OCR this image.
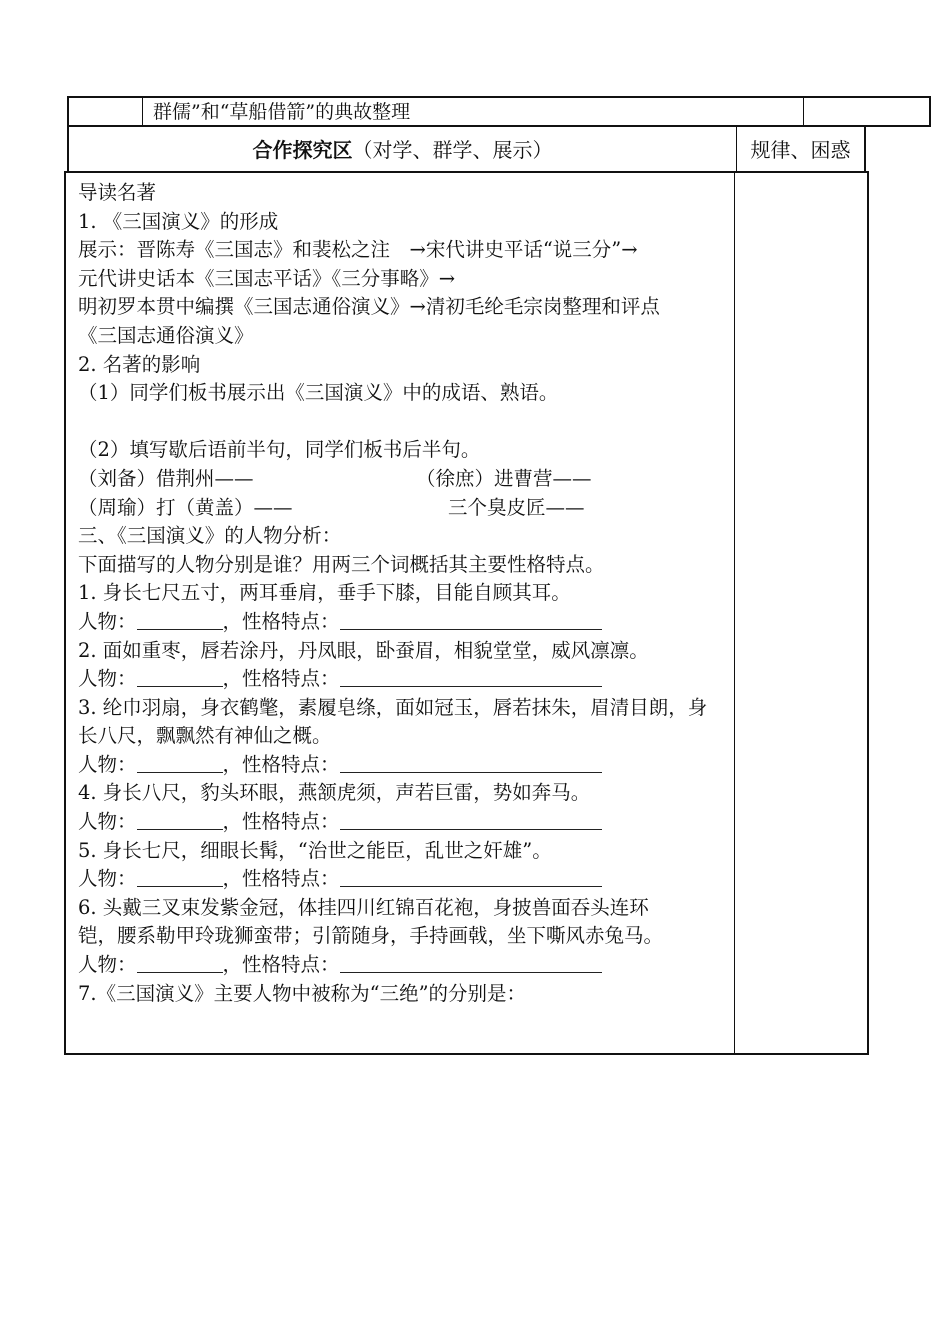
群儒”和“草船借箭”的典故整理
合作探究区（对学、群学、展示）	规律、困惑
导读名著
1. 《三国演义》的形成
展示：晋陈寿《三国志》和裴松之注　→宋代讲史平话“说三分”→
元代讲史话本《三国志平话》《三分事略》→
明初罗本贯中编撰《三国志通俗演义》→清初毛纶毛宗岗整理和评点
《三国志通俗演义》
2. 名著的影响
（1）同学们板书展示出《三国演义》中的成语、熟语。
（2）填写歇后语前半句，同学们板书后半句。
（刘备）借荆州——	（徐庶）进曹营——
（周瑜）打（黄盖）——	三个臭皮匠——
三、《三国演义》的人物分析：
下面描写的人物分别是谁？用两三个词概括其主要性格特点。
1. 身长七尺五寸，两耳垂肩，垂手下膝，目能自顾其耳。
人物：	，性格特点：
2. 面如重枣，唇若涂丹，丹凤眼，卧蚕眉，相貌堂堂，威风凛凛。
人物：	，性格特点：
3. 纶巾羽扇，身衣鹤氅，素履皂绦，面如冠玉，唇若抹朱，眉清目朗，身
长八尺，飘飘然有神仙之概。
人物：	，性格特点：
4. 身长八尺，豹头环眼，燕颔虎须，声若巨雷，势如奔马。
人物：	，性格特点：
5. 身长七尺，细眼长髯，“治世之能臣，乱世之奸雄”。
人物：	，性格特点：
6. 头戴三叉束发紫金冠，体挂四川红锦百花袍，身披兽面吞头连环
铠，腰系勒甲玲珑狮蛮带；引箭随身，手持画戟，坐下嘶风赤兔马。
人物：	，性格特点：
7.《三国演义》主要人物中被称为“三绝”的分别是：
